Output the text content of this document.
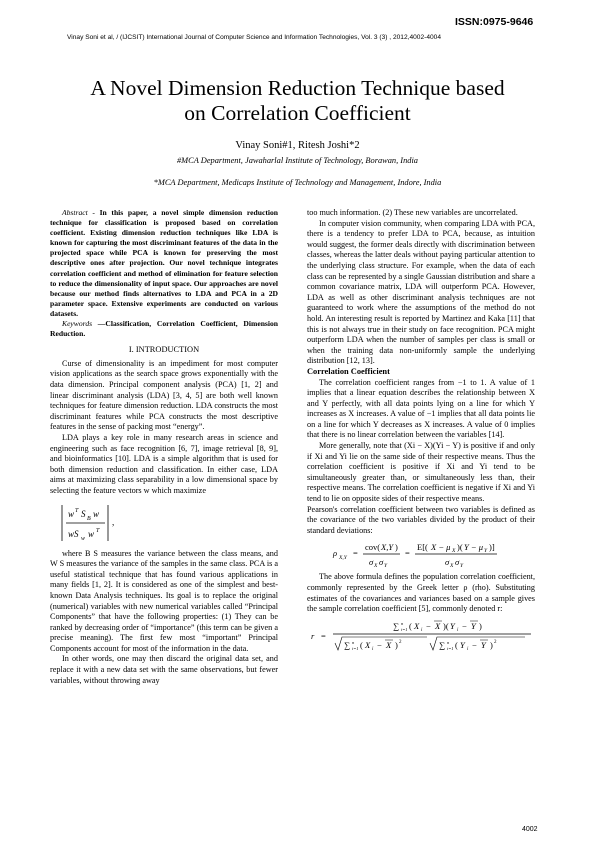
ISSN:0975-9646
Vinay Soni et al, / (IJCSIT) International Journal of Computer Science and Information Technologies, Vol. 3 (3) , 2012,4002-4004
A Novel Dimension Reduction Technique based
on Correlation Coefficient
Vinay Soni#1, Ritesh Joshi*2
#MCA Department, Jawaharlal Institute of Technology, Borawan, India
*MCA Department, Medicaps Institute of Technology and Management, Indore, India

Abstract - In this paper, a novel simple dimension reduction technique for classification is proposed based on correlation coefficient. Existing dimension reduction techniques like LDA is known for capturing the most discriminant features of the data in the projected space while PCA is known for preserving the most descriptive ones after projection. Our novel technique integrates correlation coefficient and method of elimination for feature selection to reduce the dimensionality of input space. Our approaches are novel because our method finds alternatives to LDA and PCA in a 2D parameter space. Extensive experiments are conducted on various datasets.

Keywords —Classification, Correlation Coefficient, Dimension Reduction.

I. INTRODUCTION

Curse of dimensionality is an impediment for most computer vision applications as the search space grows exponentially with the data dimension. Principal component analysis (PCA) [1, 2] and linear discriminant analysis (LDA) [3, 4, 5] are both well known techniques for feature dimension reduction. LDA constructs the most discriminant features while PCA constructs the most descriptive features in the sense of packing most “energy”.

LDA plays a key role in many research areas in science and engineering such as face recognition [6, 7], image retrieval [8, 9], and bioinformatics [10]. LDA is a simple algorithm that is used for both dimension reduction and classification. In either case, LDA aims at maximizing class separability in a low dimensional space by selecting the feature vectors w which maximize

w T S B w
wS w w T
,

where B S measures the variance between the class means, and W S measures the variance of the samples in the same class. PCA is a useful statistical technique that has found various applications in many fields [1, 2]. It is considered as one of the simplest and best-known Data Analysis techniques. Its goal is to replace the original (numerical) variables with new numerical variables called “Principal Components” that have the following properties: (1) They can be ranked by decreasing order of “importance” (this term can be given a precise meaning). The first few most “important” Principal Components account for most of the information in the data.

In other words, one may then discard the original data set, and replace it with a new data set with the same observations, but fewer variables, without throwing away

too much information. (2) These new variables are uncorrelated.

In computer vision community, when comparing LDA with PCA, there is a tendency to prefer LDA to PCA, because, as intuition would suggest, the former deals directly with discrimination between classes, whereas the latter deals without paying particular attention to the underlying class structure. For example, when the data of each class can be represented by a single Gaussian distribution and share a common covariance matrix, LDA will outperform PCA. However, LDA as well as other discriminant analysis techniques are not guaranteed to work where the assumptions of the method do not hold. An interesting result is reported by Martinez and Kaka [11] that this is not always true in their study on face recognition. PCA might outperform LDA when the number of samples per class is small or when the training data non-uniformly sample the underlying distribution [12, 13].

Correlation Coefficient

The correlation coefficient ranges from −1 to 1. A value of 1 implies that a linear equation describes the relationship between X and Y perfectly, with all data points lying on a line for which Y increases as X increases. A value of −1 implies that all data points lie on a line for which Y decreases as X increases. A value of 0 implies that there is no linear correlation between the variables [14].

More generally, note that (Xi − X)(Yi − Y) is positive if and only if Xi and Yi lie on the same side of their respective means. Thus the correlation coefficient is positive if Xi and Yi tend to be simultaneously greater than, or simultaneously less than, their respective means. The correlation coefficient is negative if Xi and Yi tend to lie on opposite sides of their respective means.

Pearson's correlation coefficient between two variables is defined as the covariance of the two variables divided by the product of their standard deviations:

ρ X,Y =
cov( X,Y )
σ X σ Y
=
E[( X − μ X )( Y − μ Y )]
σ X σ Y

The above formula defines the population correlation coefficient, commonly represented by the Greek letter ρ (rho). Substituting estimates of the covariances and variances based on a sample gives the sample correlation coefficient [5], commonly denoted r:

r =
∑ n
i=1 ( X i − X )( Y i − Y )
∑ n
i=1 ( X i − X ) 2	∑ n
i=1 ( Y i − Y ) 2
4002
